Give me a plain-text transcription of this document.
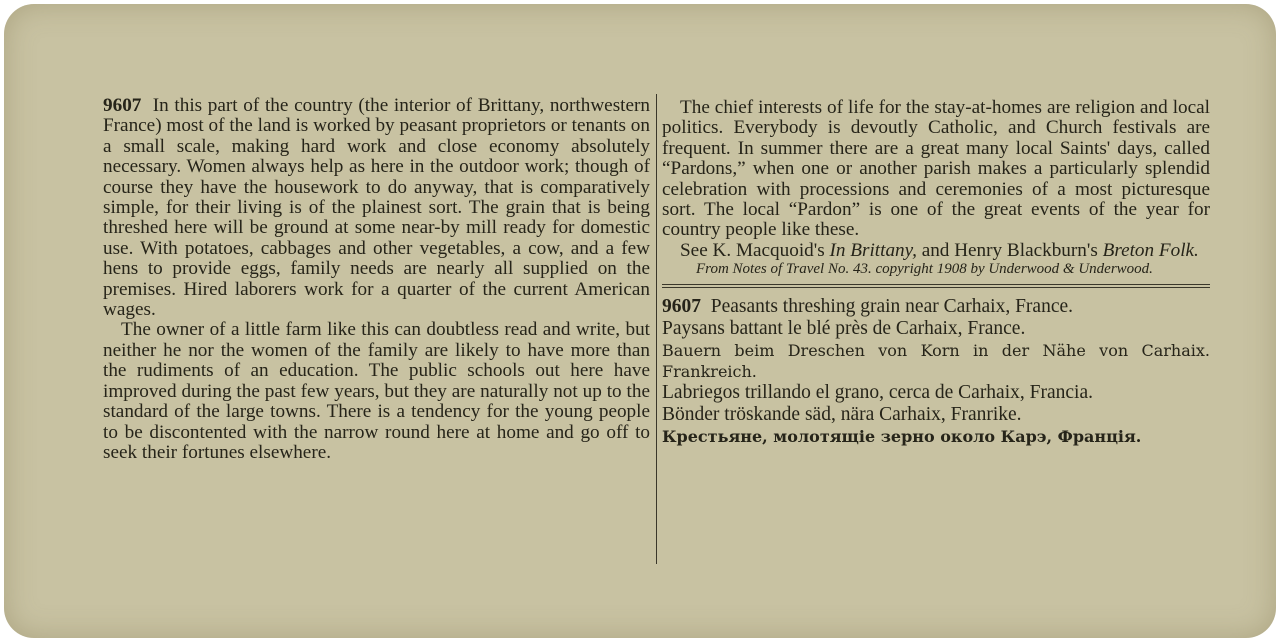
9607 In this part of the country (the interior of Brittany, northwestern France) most of the land is worked by peasant proprietors or tenants on a small scale, making hard work and close economy absolutely necessary. Women always help as here in the outdoor work; though of course they have the housework to do anyway, that is comparatively simple, for their living is of the plainest sort. The grain that is being threshed here will be ground at some near-by mill ready for domestic use. With potatoes, cabbages and other vegetables, a cow, and a few hens to provide eggs, family needs are nearly all supplied on the premises. Hired laborers work for a quarter of the current American wages.

The owner of a little farm like this can doubtless read and write, but neither he nor the women of the family are likely to have more than the rudiments of an education. The public schools out here have improved during the past few years, but they are naturally not up to the standard of the large towns. There is a tendency for the young people to be discontented with the narrow round here at home and go off to seek their fortunes elsewhere.

The chief interests of life for the stay-at-homes are religion and local politics. Everybody is devoutly Catholic, and Church festivals are frequent. In summer there are a great many local Saints' days, called “Pardons,” when one or another parish makes a particularly splendid celebration with processions and ceremonies of a most picturesque sort. The local “Pardon” is one of the great events of the year for country people like these.

See K. Macquoid's In Brittany, and Henry Blackburn's Breton Folk.

From Notes of Travel No. 43. copyright 1908 by Underwood & Underwood.

9607 Peasants threshing grain near Carhaix, France.

Paysans battant le blé près de Carhaix, France.

Bauern beim Dreschen von Korn in der Nähe von Carhaix. Frankreich.

Labriegos trillando el grano, cerca de Carhaix, Francia.

Bönder tröskande säd, nära Carhaix, Franrike.

Крестьяне, молотящіе зерно около Карэ, Франція.
